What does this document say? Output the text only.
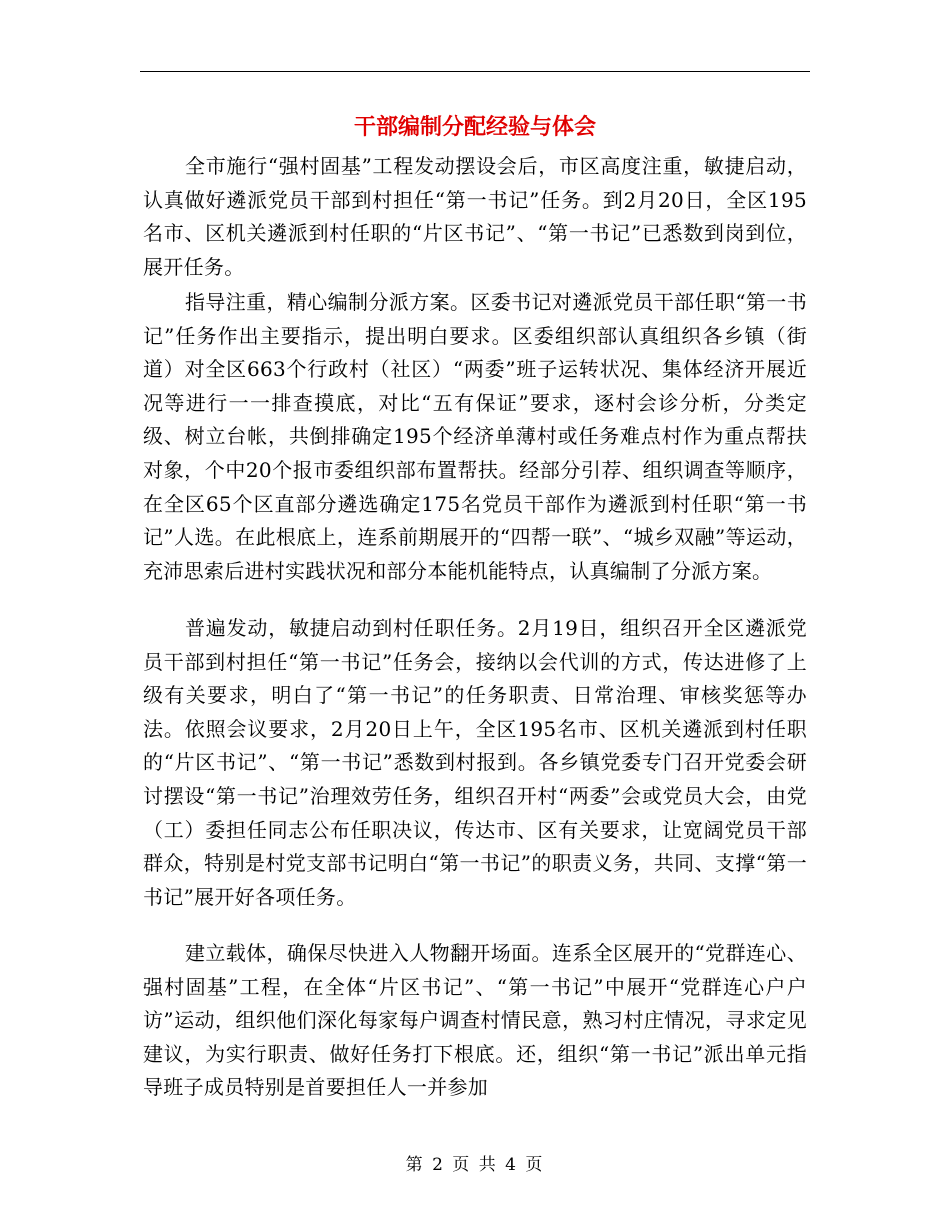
干部编制分配经验与体会

全市施行“强村固基”工程发动摆设会后，市区高度注重，敏捷启动，认真做好遴派党员干部到村担任“第一书记”任务。到2月20日，全区195名市、区机关遴派到村任职的“片区书记”、“第一书记”已悉数到岗到位，展开任务。

指导注重，精心编制分派方案。区委书记对遴派党员干部任职“第一书记”任务作出主要指示，提出明白要求。区委组织部认真组织各乡镇（街道）对全区663个行政村（社区）“两委”班子运转状况、集体经济开展近况等进行一一排查摸底，对比“五有保证”要求，逐村会诊分析，分类定级、树立台帐，共倒排确定195个经济单薄村或任务难点村作为重点帮扶对象，个中20个报市委组织部布置帮扶。经部分引荐、组织调查等顺序，在全区65个区直部分遴选确定175名党员干部作为遴派到村任职“第一书记”人选。在此根底上，连系前期展开的“四帮一联”、“城乡双融”等运动，充沛思索后进村实践状况和部分本能机能特点，认真编制了分派方案。

普遍发动，敏捷启动到村任职任务。2月19日，组织召开全区遴派党员干部到村担任“第一书记”任务会，接纳以会代训的方式，传达进修了上级有关要求，明白了“第一书记”的任务职责、日常治理、审核奖惩等办法。依照会议要求，2月20日上午，全区195名市、区机关遴派到村任职的“片区书记”、“第一书记”悉数到村报到。各乡镇党委专门召开党委会研讨摆设“第一书记”治理效劳任务，组织召开村“两委”会或党员大会，由党（工）委担任同志公布任职决议，传达市、区有关要求，让宽阔党员干部群众，特别是村党支部书记明白“第一书记”的职责义务，共同、支撑“第一书记”展开好各项任务。

建立载体，确保尽快进入人物翻开场面。连系全区展开的“党群连心、强村固基”工程，在全体“片区书记”、“第一书记”中展开“党群连心户户访”运动，组织他们深化每家每户调查村情民意，熟习村庄情况，寻求定见建议，为实行职责、做好任务打下根底。还，组织“第一书记”派出单元指导班子成员特别是首要担任人一并参加

第 2 页 共 4 页
